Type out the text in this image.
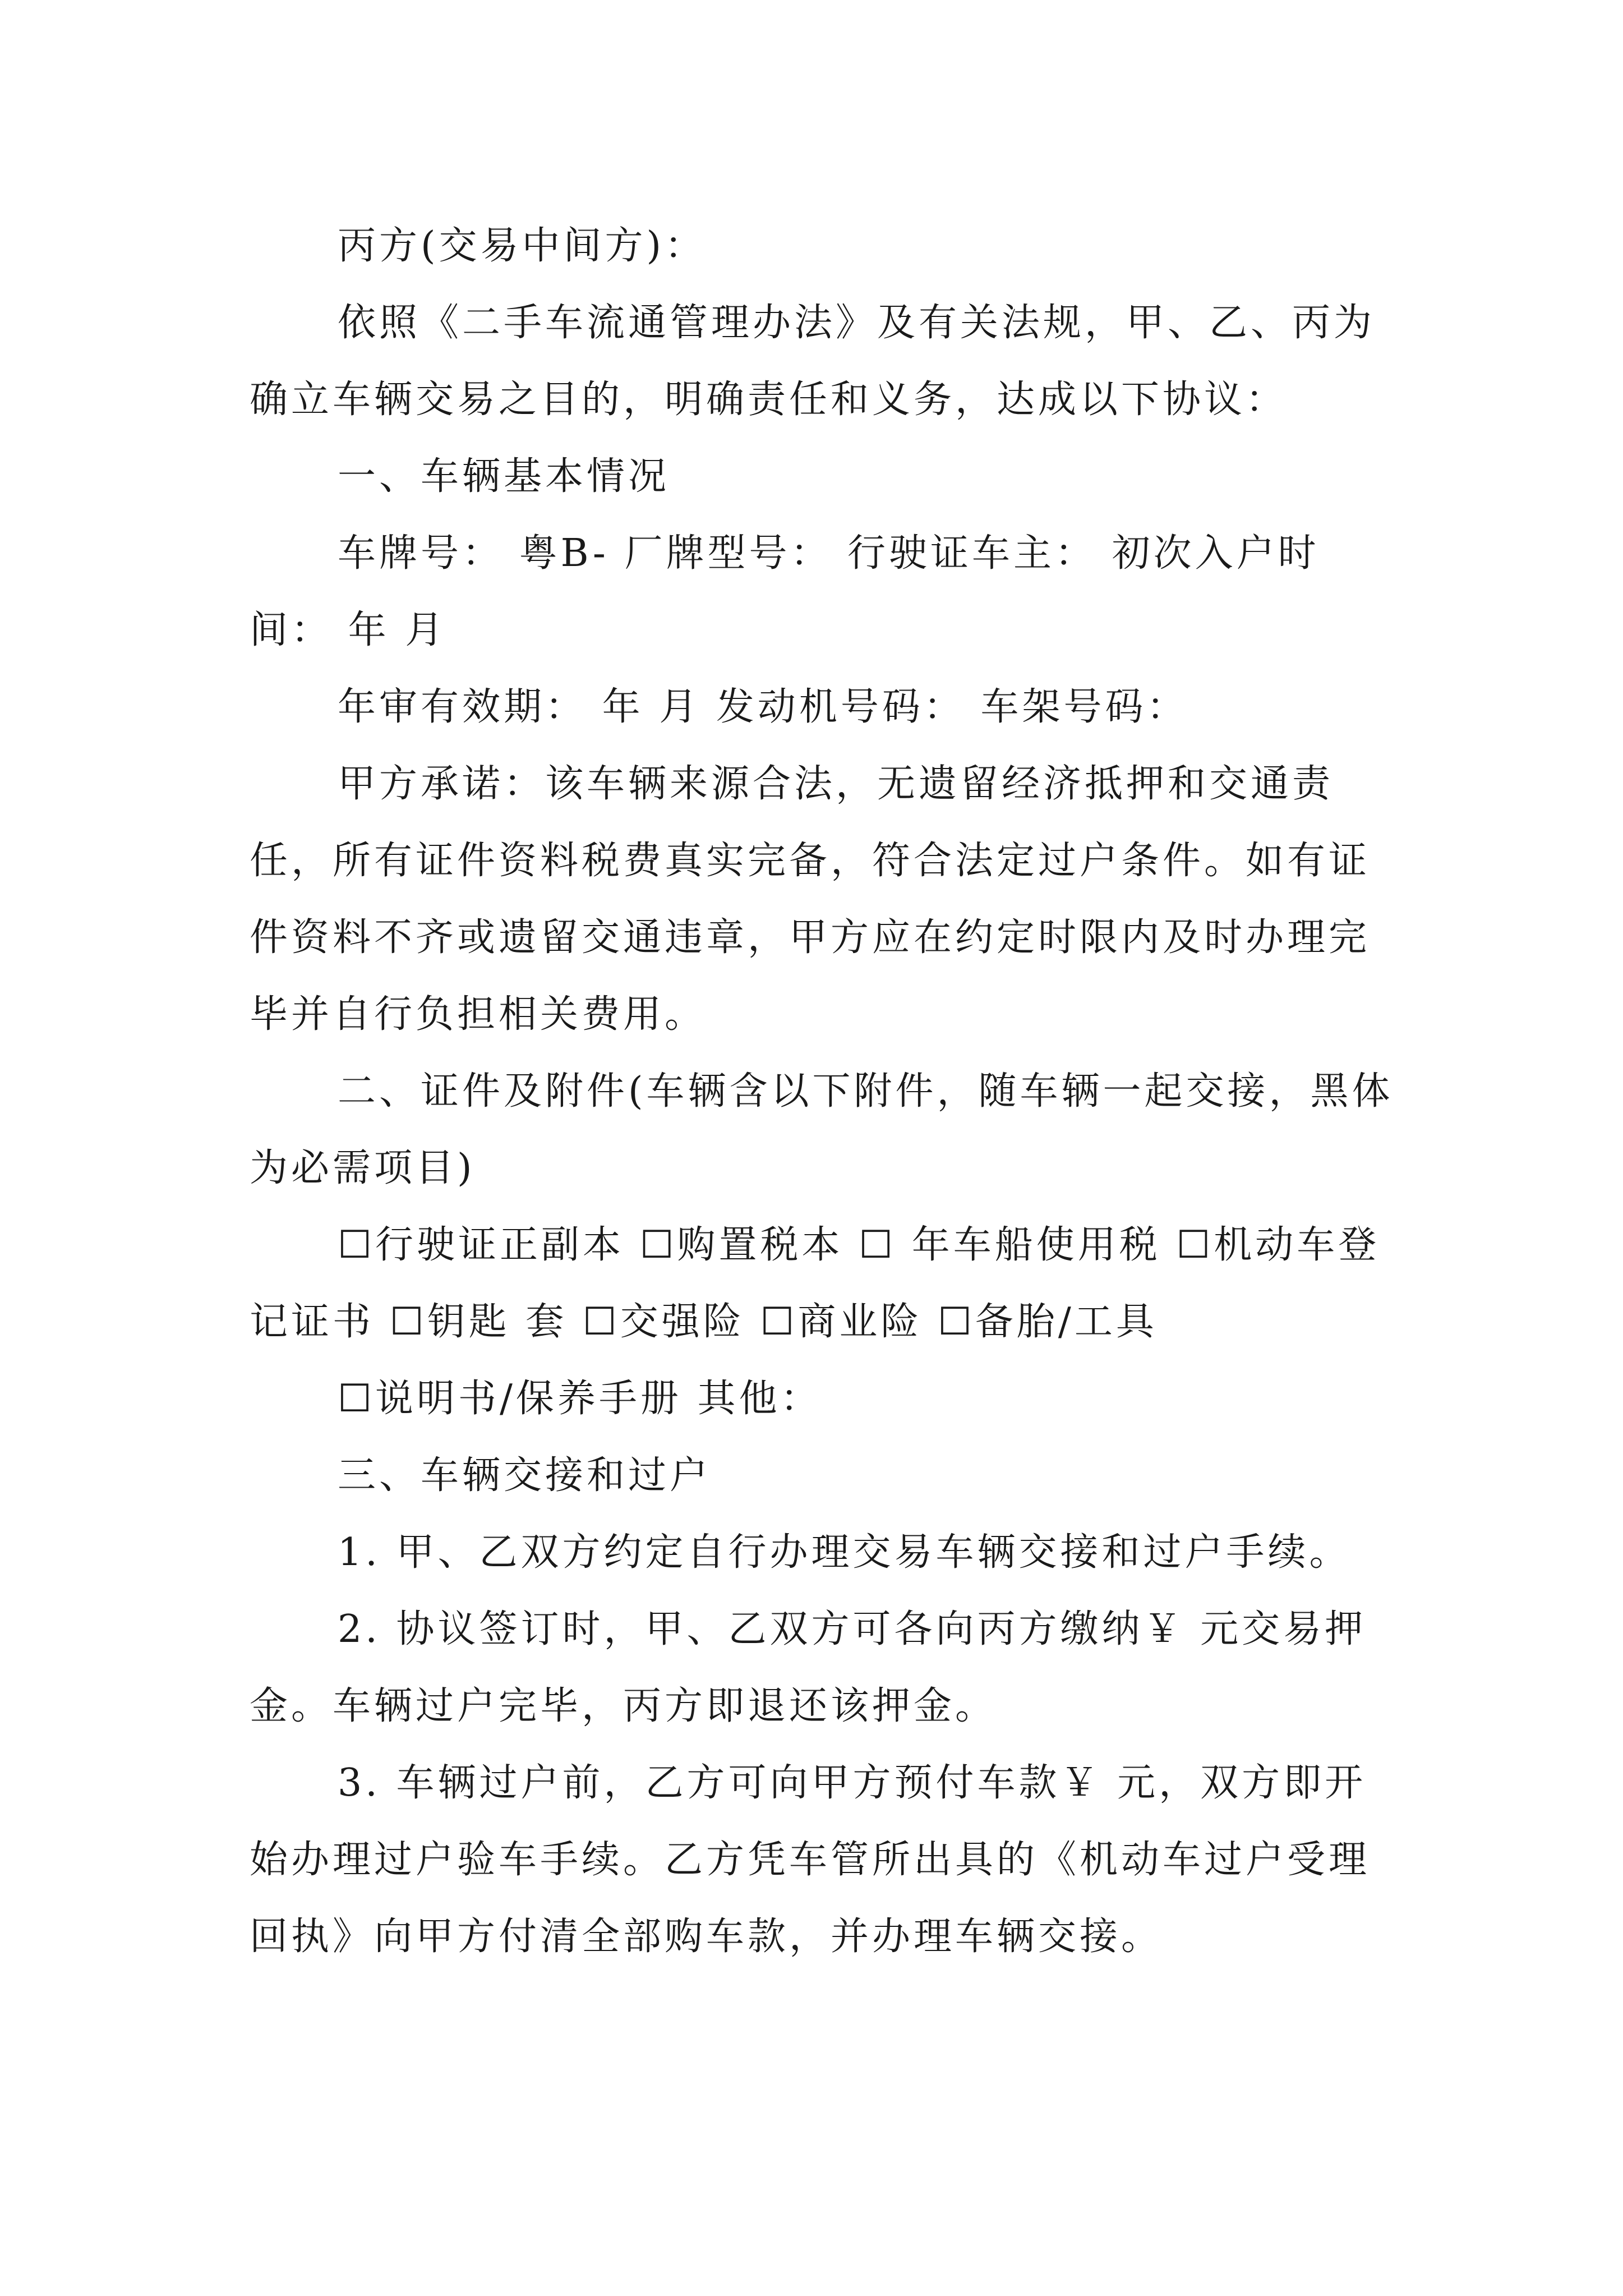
丙方(交易中间方)：

依照《二手车流通管理办法》及有关法规，甲、乙、丙为确立车辆交易之目的，明确责任和义务，达成以下协议：

一、车辆基本情况

车牌号： 粤B- 厂牌型号： 行驶证车主： 初次入户时间： 年 月

年审有效期： 年 月 发动机号码： 车架号码：

甲方承诺：该车辆来源合法，无遗留经济抵押和交通责任，所有证件资料税费真实完备，符合法定过户条件。如有证件资料不齐或遗留交通违章，甲方应在约定时限内及时办理完毕并自行负担相关费用。

二、证件及附件(车辆含以下附件，随车辆一起交接，黑体为必需项目)

☐行驶证正副本 ☐购置税本 ☐ 年车船使用税 ☐机动车登记证书 ☐钥匙 套 ☐交强险 ☐商业险 ☐备胎/工具

☐说明书/保养手册 其他：

三、车辆交接和过户

1. 甲、乙双方约定自行办理交易车辆交接和过户手续。

2. 协议签订时，甲、乙双方可各向丙方缴纳￥ 元交易押金。车辆过户完毕，丙方即退还该押金。

3. 车辆过户前，乙方可向甲方预付车款￥ 元，双方即开始办理过户验车手续。乙方凭车管所出具的《机动车过户受理回执》向甲方付清全部购车款，并办理车辆交接。
